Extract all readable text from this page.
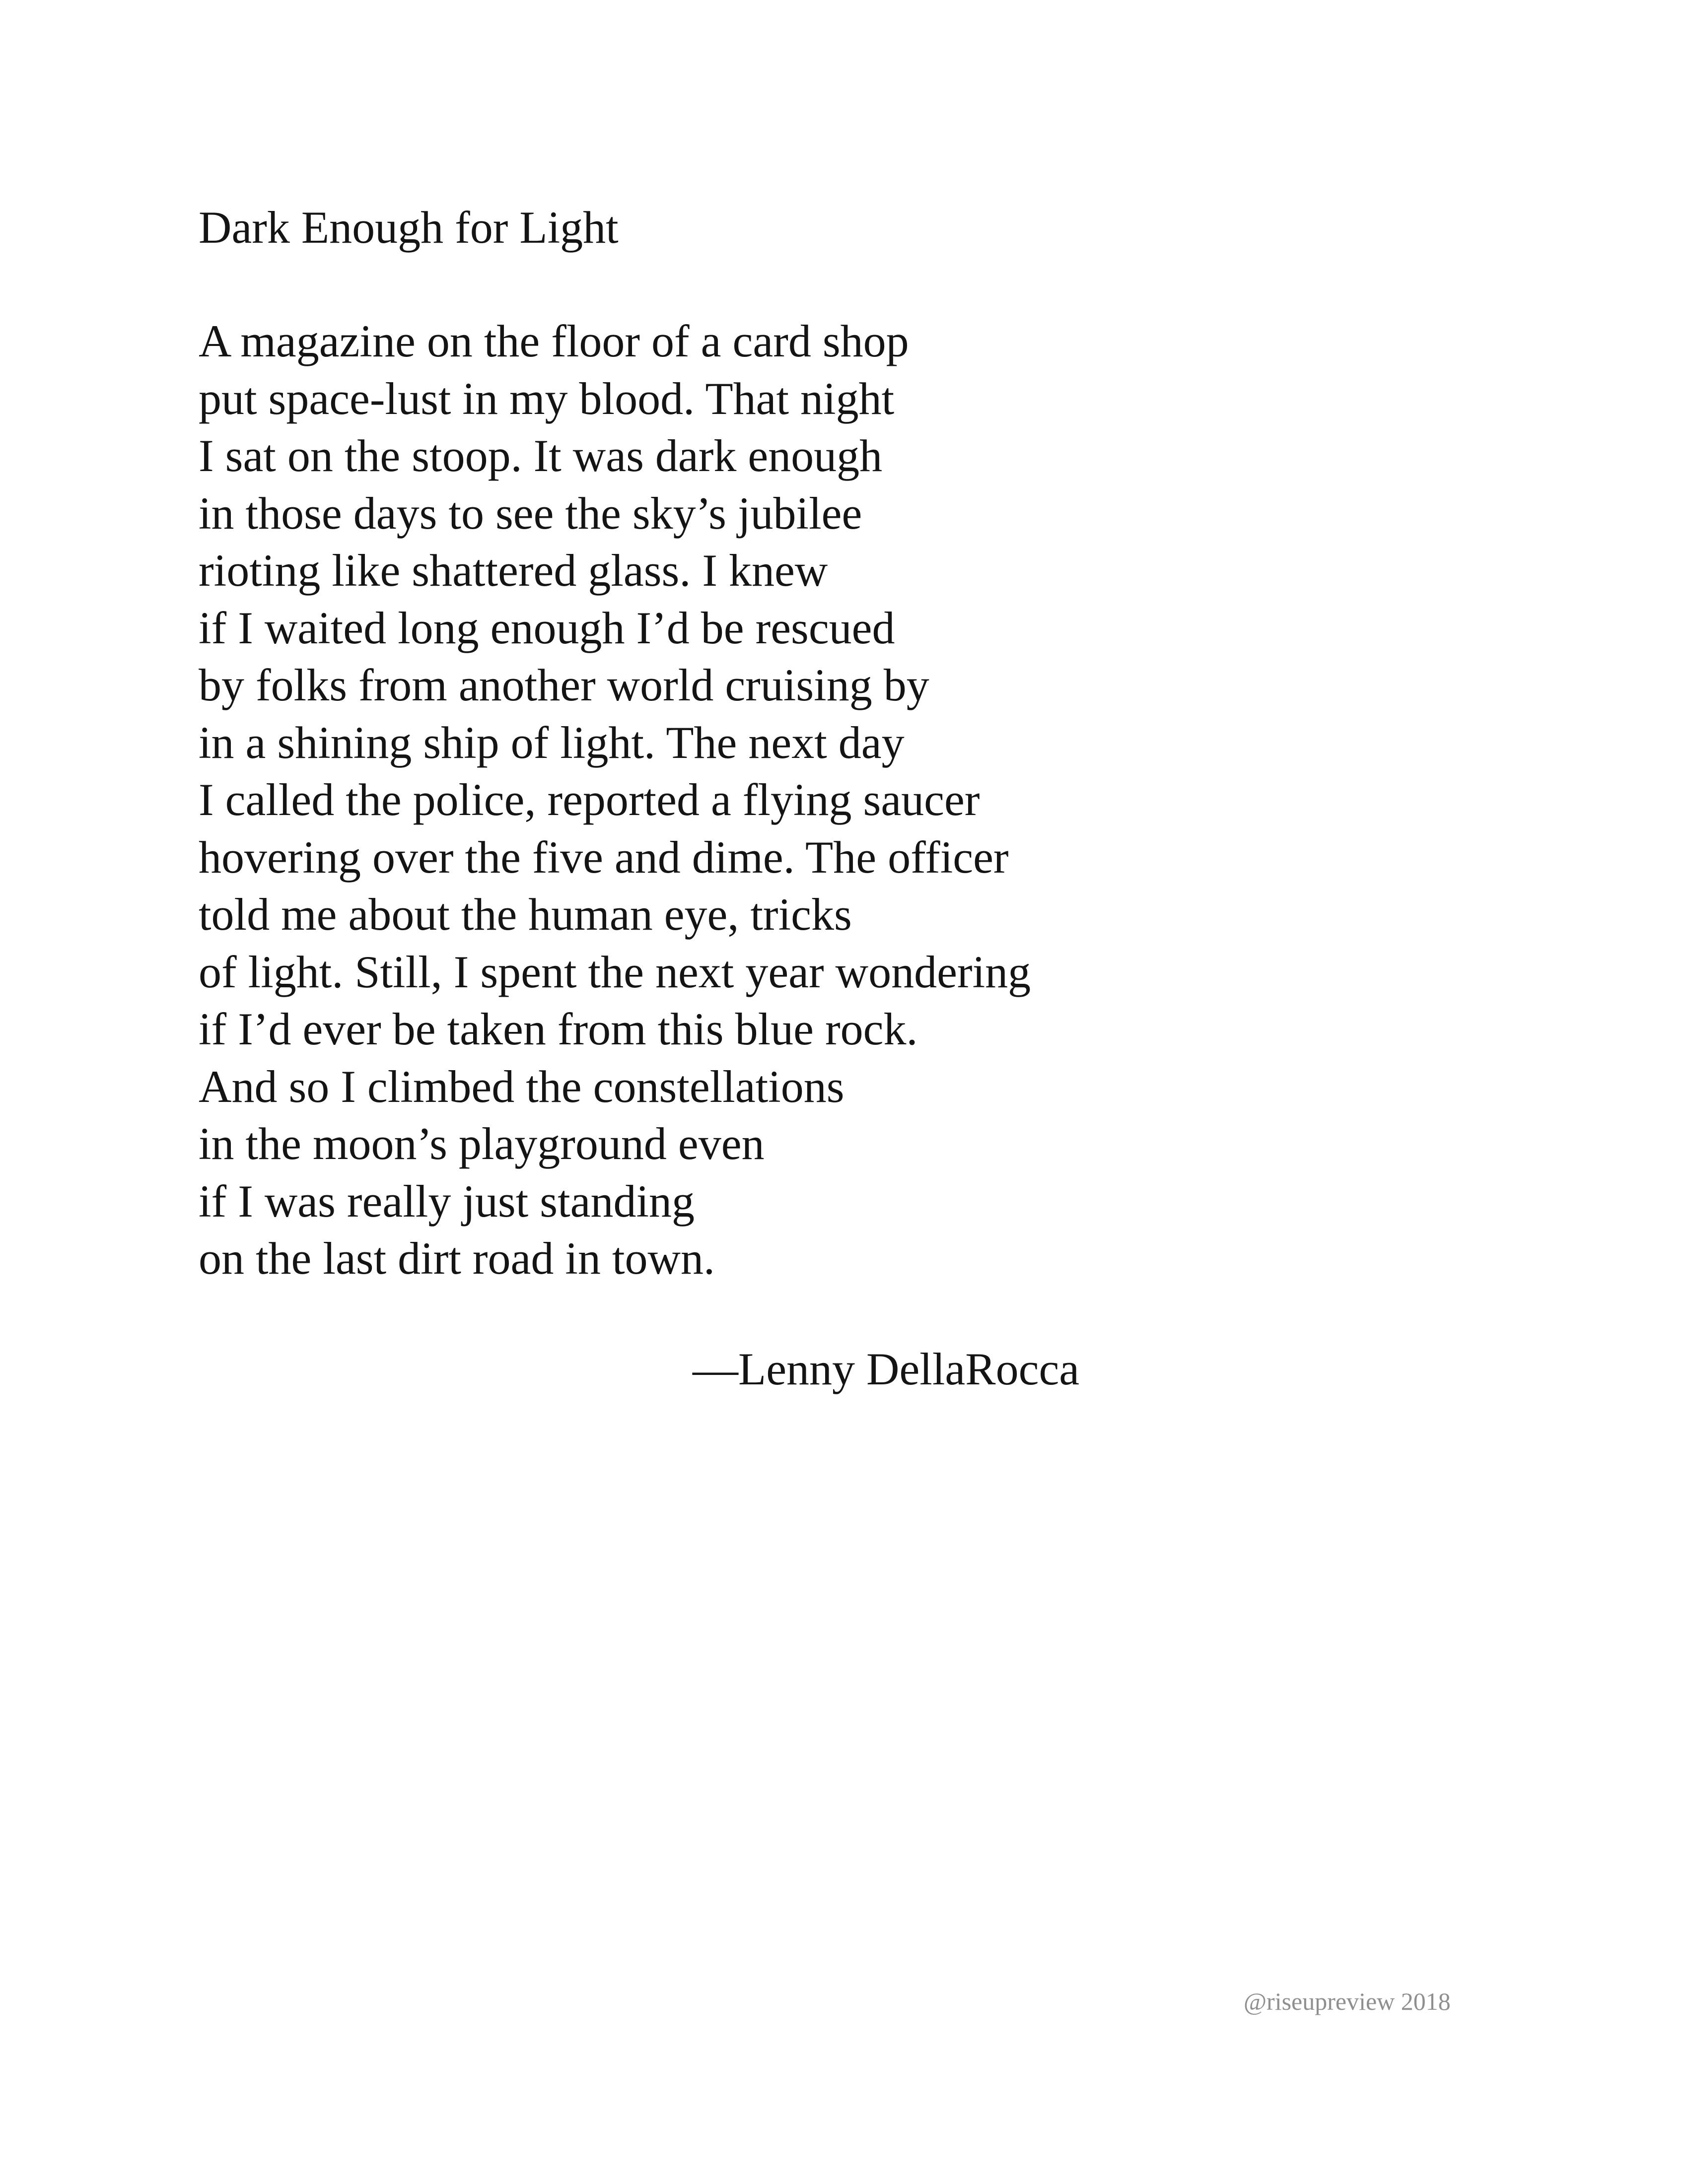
Dark Enough for Light
A magazine on the floor of a card shop
put space-lust in my blood. That night
I sat on the stoop. It was dark enough
in those days to see the sky’s jubilee
rioting like shattered glass. I knew
if I waited long enough I’d be rescued
by folks from another world cruising by
in a shining ship of light. The next day
I called the police, reported a flying saucer
hovering over the five and dime. The officer
told me about the human eye, tricks
of light. Still, I spent the next year wondering
if I’d ever be taken from this blue rock.
And so I climbed the constellations
in the moon’s playground even
if I was really just standing
on the last dirt road in town.
—Lenny DellaRocca
@riseupreview 2018
